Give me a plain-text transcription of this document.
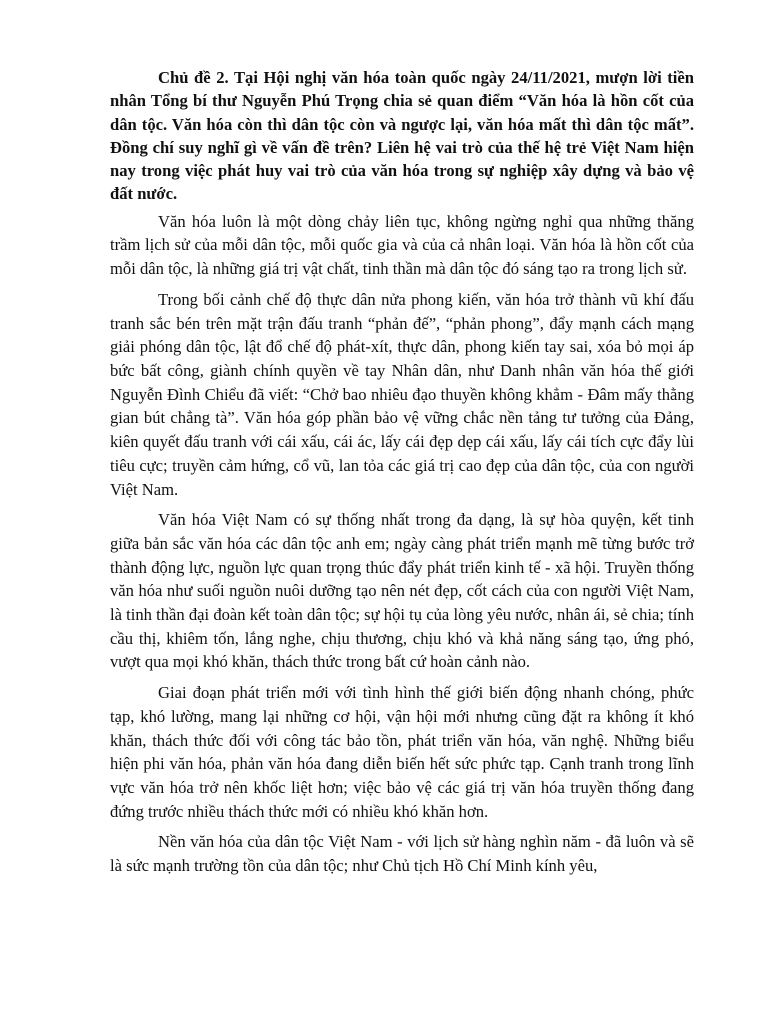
Chủ đề 2. Tại Hội nghị văn hóa toàn quốc ngày 24/11/2021, mượn lời tiền nhân Tổng bí thư Nguyễn Phú Trọng chia sẻ quan điểm “Văn hóa là hồn cốt của dân tộc. Văn hóa còn thì dân tộc còn và ngược lại, văn hóa mất thì dân tộc mất”. Đồng chí suy nghĩ gì về vấn đề trên? Liên hệ vai trò của thế hệ trẻ Việt Nam hiện nay trong việc phát huy vai trò của văn hóa trong sự nghiệp xây dựng và bảo vệ đất nước.

Văn hóa luôn là một dòng chảy liên tục, không ngừng nghỉ qua những thăng trầm lịch sử của mỗi dân tộc, mỗi quốc gia và của cả nhân loại. Văn hóa là hồn cốt của mỗi dân tộc, là những giá trị vật chất, tinh thần mà dân tộc đó sáng tạo ra trong lịch sử.

Trong bối cảnh chế độ thực dân nửa phong kiến, văn hóa trở thành vũ khí đấu tranh sắc bén trên mặt trận đấu tranh “phản đế”, “phản phong”, đẩy mạnh cách mạng giải phóng dân tộc, lật đổ chế độ phát-xít, thực dân, phong kiến tay sai, xóa bỏ mọi áp bức bất công, giành chính quyền về tay Nhân dân, như Danh nhân văn hóa thế giới Nguyễn Đình Chiểu đã viết: “Chở bao nhiêu đạo thuyền không khẳm - Đâm mấy thằng gian bút chẳng tà”. Văn hóa góp phần bảo vệ vững chắc nền tảng tư tưởng của Đảng, kiên quyết đấu tranh với cái xấu, cái ác, lấy cái đẹp dẹp cái xấu, lấy cái tích cực đẩy lùi tiêu cực; truyền cảm hứng, cổ vũ, lan tỏa các giá trị cao đẹp của dân tộc, của con người Việt Nam.

Văn hóa Việt Nam có sự thống nhất trong đa dạng, là sự hòa quyện, kết tinh giữa bản sắc văn hóa các dân tộc anh em; ngày càng phát triển mạnh mẽ từng bước trở thành động lực, nguồn lực quan trọng thúc đẩy phát triển kinh tế - xã hội. Truyền thống văn hóa như suối nguồn nuôi dưỡng tạo nên nét đẹp, cốt cách của con người Việt Nam, là tinh thần đại đoàn kết toàn dân tộc; sự hội tụ của lòng yêu nước, nhân ái, sẻ chia; tính cầu thị, khiêm tốn, lắng nghe, chịu thương, chịu khó và khả năng sáng tạo, ứng phó, vượt qua mọi khó khăn, thách thức trong bất cứ hoàn cảnh nào.

Giai đoạn phát triển mới với tình hình thế giới biến động nhanh chóng, phức tạp, khó lường, mang lại những cơ hội, vận hội mới nhưng cũng đặt ra không ít khó khăn, thách thức đối với công tác bảo tồn, phát triển văn hóa, văn nghệ. Những biểu hiện phi văn hóa, phản văn hóa đang diễn biến hết sức phức tạp. Cạnh tranh trong lĩnh vực văn hóa trở nên khốc liệt hơn; việc bảo vệ các giá trị văn hóa truyền thống đang đứng trước nhiều thách thức mới có nhiều khó khăn hơn.

Nền văn hóa của dân tộc Việt Nam - với lịch sử hàng nghìn năm - đã luôn và sẽ là sức mạnh trường tồn của dân tộc; như Chủ tịch Hồ Chí Minh kính yêu,
